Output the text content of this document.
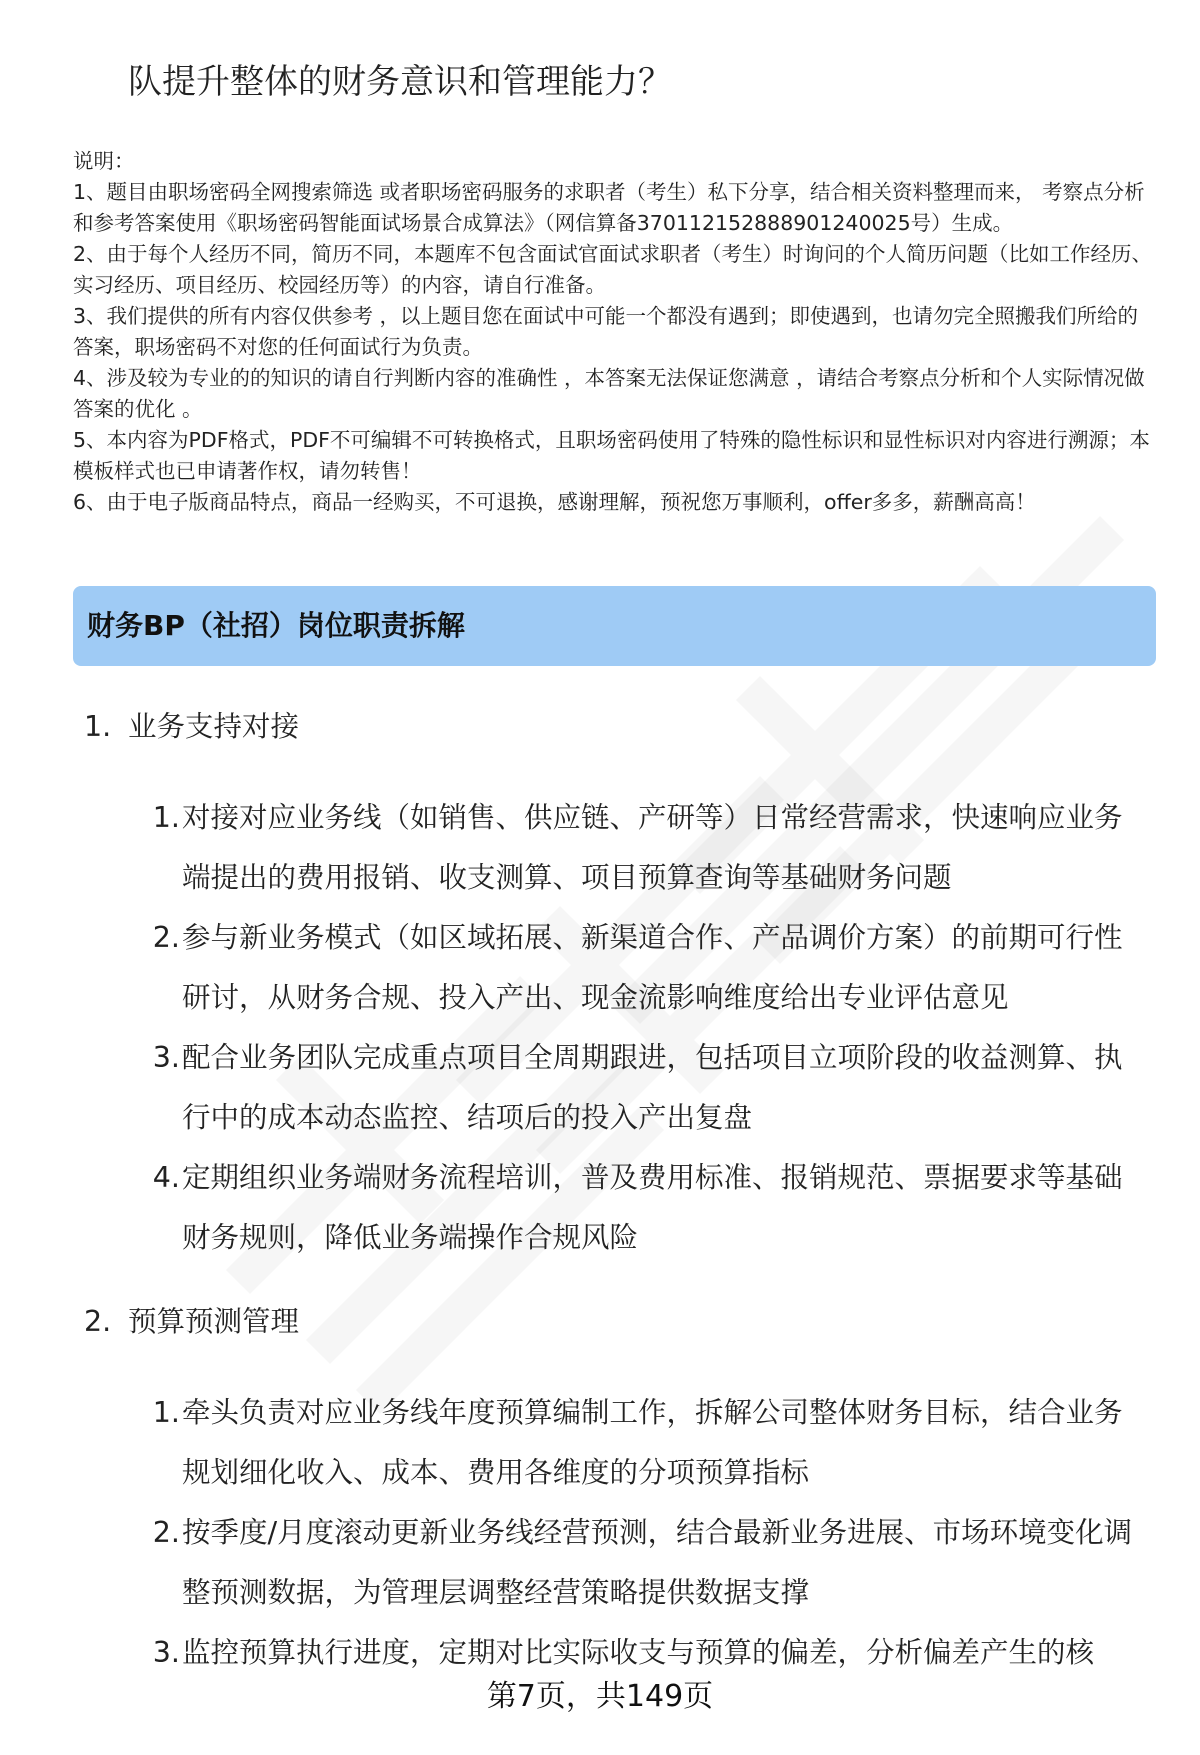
队提升整体的财务意识和管理能力？

说明：

1、题目由职场密码全网搜索筛选 或者职场密码服务的求职者（考生）私下分享，结合相关资料整理而来， 考察点分析和参考答案使用《职场密码智能面试场景合成算法》（网信算备370112152888901240025号）生成。

2、由于每个人经历不同，简历不同，本题库不包含面试官面试求职者（考生）时询问的个人简历问题（比如工作经历、实习经历、项目经历、校园经历等）的内容，请自行准备。

3、我们提供的所有内容仅供参考 ，以上题目您在面试中可能一个都没有遇到；即使遇到，也请勿完全照搬我们所给的答案，职场密码不对您的任何面试行为负责。

4、涉及较为专业的的知识的请自行判断内容的准确性 ，本答案无法保证您满意 ，请结合考察点分析和个人实际情况做答案的优化 。

5、本内容为PDF格式，PDF不可编辑不可转换格式，且职场密码使用了特殊的隐性标识和显性标识对内容进行溯源；本模板样式也已申请著作权，请勿转售！

6、由于电子版商品特点，商品一经购买，不可退换，感谢理解，预祝您万事顺利，offer多多，薪酬高高！

财务BP（社招）岗位职责拆解
1. 业务支持对接
1. 对接对应业务线（如销售、供应链、产研等）日常经营需求，快速响应业务端提出的费用报销、收支测算、项目预算查询等基础财务问题
2. 参与新业务模式（如区域拓展、新渠道合作、产品调价方案）的前期可行性研讨，从财务合规、投入产出、现金流影响维度给出专业评估意见
3. 配合业务团队完成重点项目全周期跟进，包括项目立项阶段的收益测算、执行中的成本动态监控、结项后的投入产出复盘
4. 定期组织业务端财务流程培训，普及费用标准、报销规范、票据要求等基础财务规则，降低业务端操作合规风险
2. 预算预测管理
1. 牵头负责对应业务线年度预算编制工作，拆解公司整体财务目标，结合业务规划细化收入、成本、费用各维度的分项预算指标
2. 按季度/月度滚动更新业务线经营预测，结合最新业务进展、市场环境变化调整预测数据，为管理层调整经营策略提供数据支撑
3. 监控预算执行进度，定期对比实际收支与预算的偏差，分析偏差产生的核
第7页，共149页
